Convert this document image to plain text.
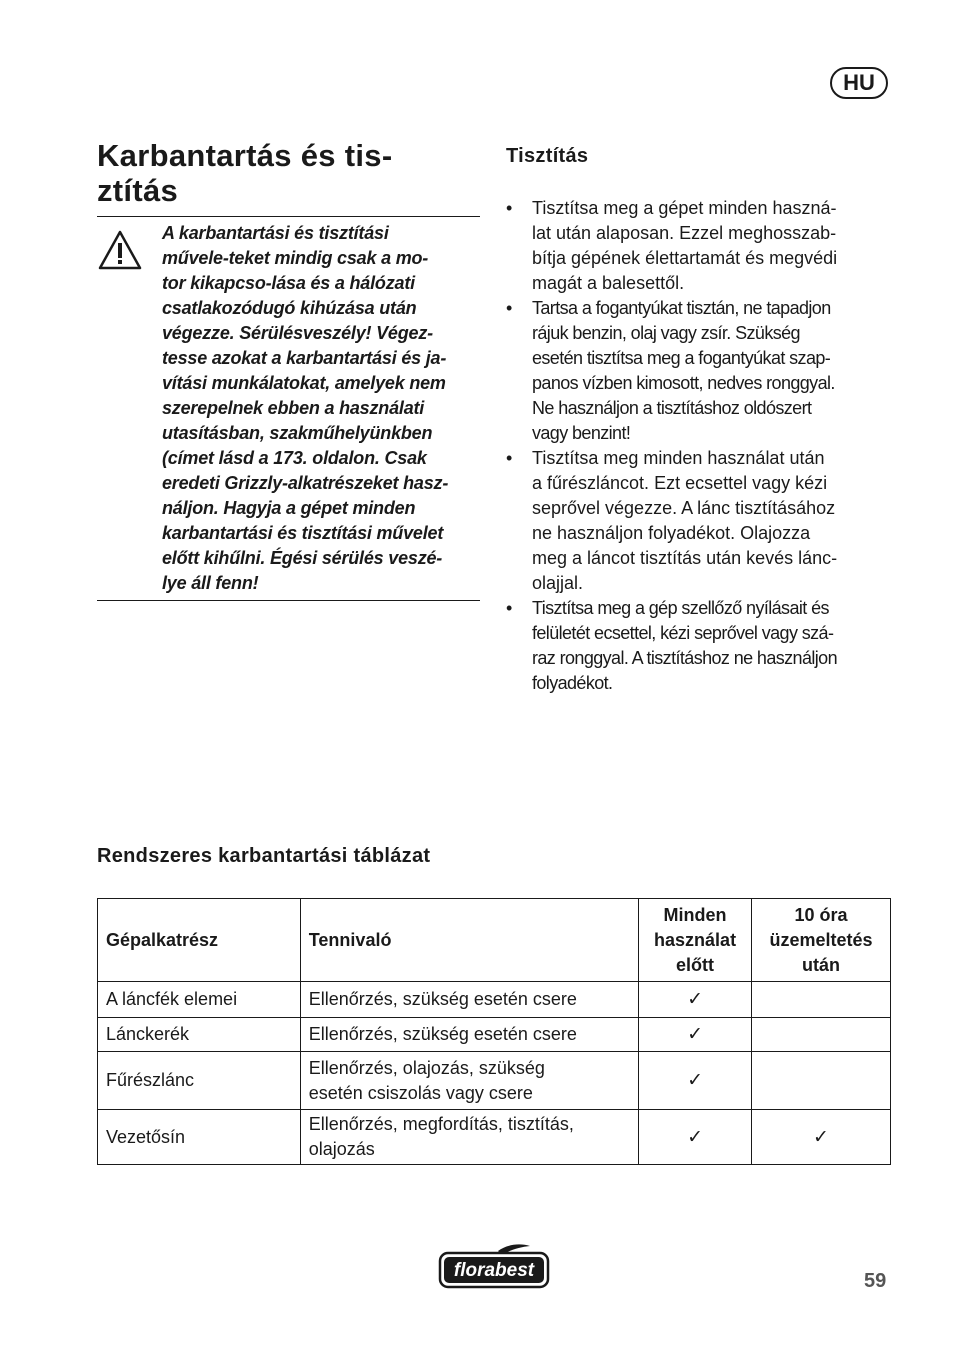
HU
Karbantartás és tis-
ztítás

A karbantartási és tisztítási
művele-teket mindig csak a mo-
tor kikapcso-lása és a hálózati
csatlakozódugó kihúzása után
végezze. Sérülésveszély! Végez-
tesse azokat a karbantartási és ja-
vítási munkálatokat, amelyek nem
szerepelnek ebben a használati
utasításban, szakműhelyünkben
(címet lásd a 173. oldalon. Csak
eredeti Grizzly-alkatrészeket hasz-
náljon. Hagyja a gépet minden
karbantartási és tisztítási művelet
előtt kihűlni. Égési sérülés veszé-
lye áll fenn!

Tisztítás
• Tisztítsa meg a gépet minden haszná-
lat után alaposan. Ezzel meghosszab-
bítja gépének élettartamát és megvédi
magát a balesettől.
• Tartsa a fogantyúkat tisztán, ne tapadjon
rájuk benzin, olaj vagy zsír. Szükség
esetén tisztítsa meg a fogantyúkat szap-
panos vízben kimosott, nedves ronggyal.
Ne használjon a tisztításhoz oldószert
vagy benzint!
• Tisztítsa meg minden használat után
a fűrészláncot. Ezt ecsettel vagy kézi
seprővel végezze. A lánc tisztításához
ne használjon folyadékot. Olajozza
meg a láncot tisztítás után kevés lánc-
olajjal.
• Tisztítsa meg a gép szellőző nyílásait és
felületét ecsettel, kézi seprővel vagy szá-
raz ronggyal. A tisztításhoz ne használjon
folyadékot.
Rendszeres karbantartási táblázat
Gépalkatrész	Tennivaló	Minden
használat
előtt	10 óra
üzemeltetés
után
A láncfék elemei	Ellenőrzés, szükség esetén csere	✓	
Lánckerék	Ellenőrzés, szükség esetén csere	✓	
Fűrészlánc	Ellenőrzés, olajozás, szükség
esetén csiszolás vagy csere	✓	
Vezetősín	Ellenőrzés, megfordítás, tisztítás,
olajozás	✓	✓
florabest	59
